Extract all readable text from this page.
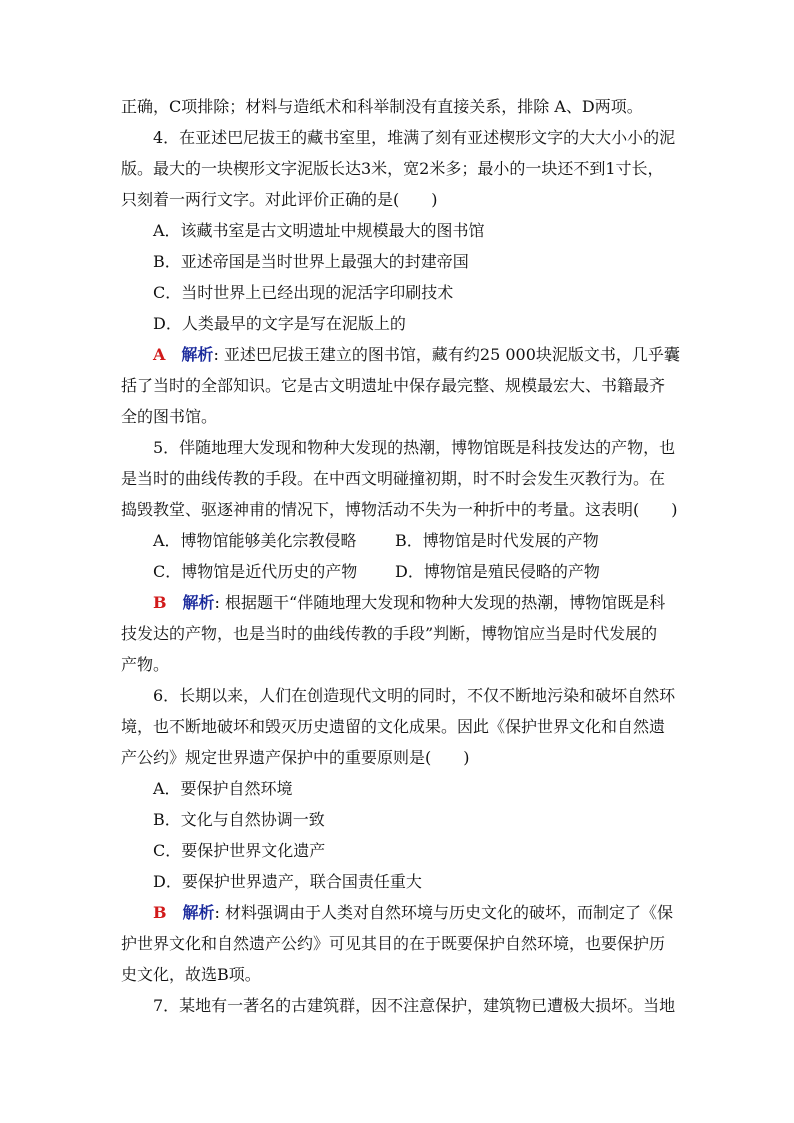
正确，C项排除；材料与造纸术和科举制没有直接关系，排除 A、D两项。
4．在亚述巴尼拔王的藏书室里，堆满了刻有亚述楔形文字的大大小小的泥
版。最大的一块楔形文字泥版长达3米，宽2米多；最小的一块还不到1寸长，
只刻着一两行文字。对此评价正确的是(　　)
A．该藏书室是古文明遗址中规模最大的图书馆
B．亚述帝国是当时世界上最强大的封建帝国
C．当时世界上已经出现的泥活字印刷技术
D．人类最早的文字是写在泥版上的
A 解析: 亚述巴尼拔王建立的图书馆，藏有约25 000块泥版文书，几乎囊
括了当时的全部知识。它是古文明遗址中保存最完整、规模最宏大、书籍最齐
全的图书馆。
5．伴随地理大发现和物种大发现的热潮，博物馆既是科技发达的产物，也
是当时的曲线传教的手段。在中西文明碰撞初期，时不时会发生灭教行为。在
捣毁教堂、驱逐神甫的情况下，博物活动不失为一种折中的考量。这表明(　　)
A．博物馆能够美化宗教侵略 B．博物馆是时代发展的产物
C．博物馆是近代历史的产物 D．博物馆是殖民侵略的产物
B 解析: 根据题干“伴随地理大发现和物种大发现的热潮，博物馆既是科
技发达的产物，也是当时的曲线传教的手段”判断，博物馆应当是时代发展的
产物。
6．长期以来，人们在创造现代文明的同时，不仅不断地污染和破坏自然环
境，也不断地破坏和毁灭历史遗留的文化成果。因此《保护世界文化和自然遗
产公约》规定世界遗产保护中的重要原则是(　　)
A．要保护自然环境
B．文化与自然协调一致
C．要保护世界文化遗产
D．要保护世界遗产，联合国责任重大
B 解析: 材料强调由于人类对自然环境与历史文化的破坏，而制定了《保
护世界文化和自然遗产公约》可见其目的在于既要保护自然环境，也要保护历
史文化，故选B项。
7．某地有一著名的古建筑群，因不注意保护，建筑物已遭极大损坏。当地
